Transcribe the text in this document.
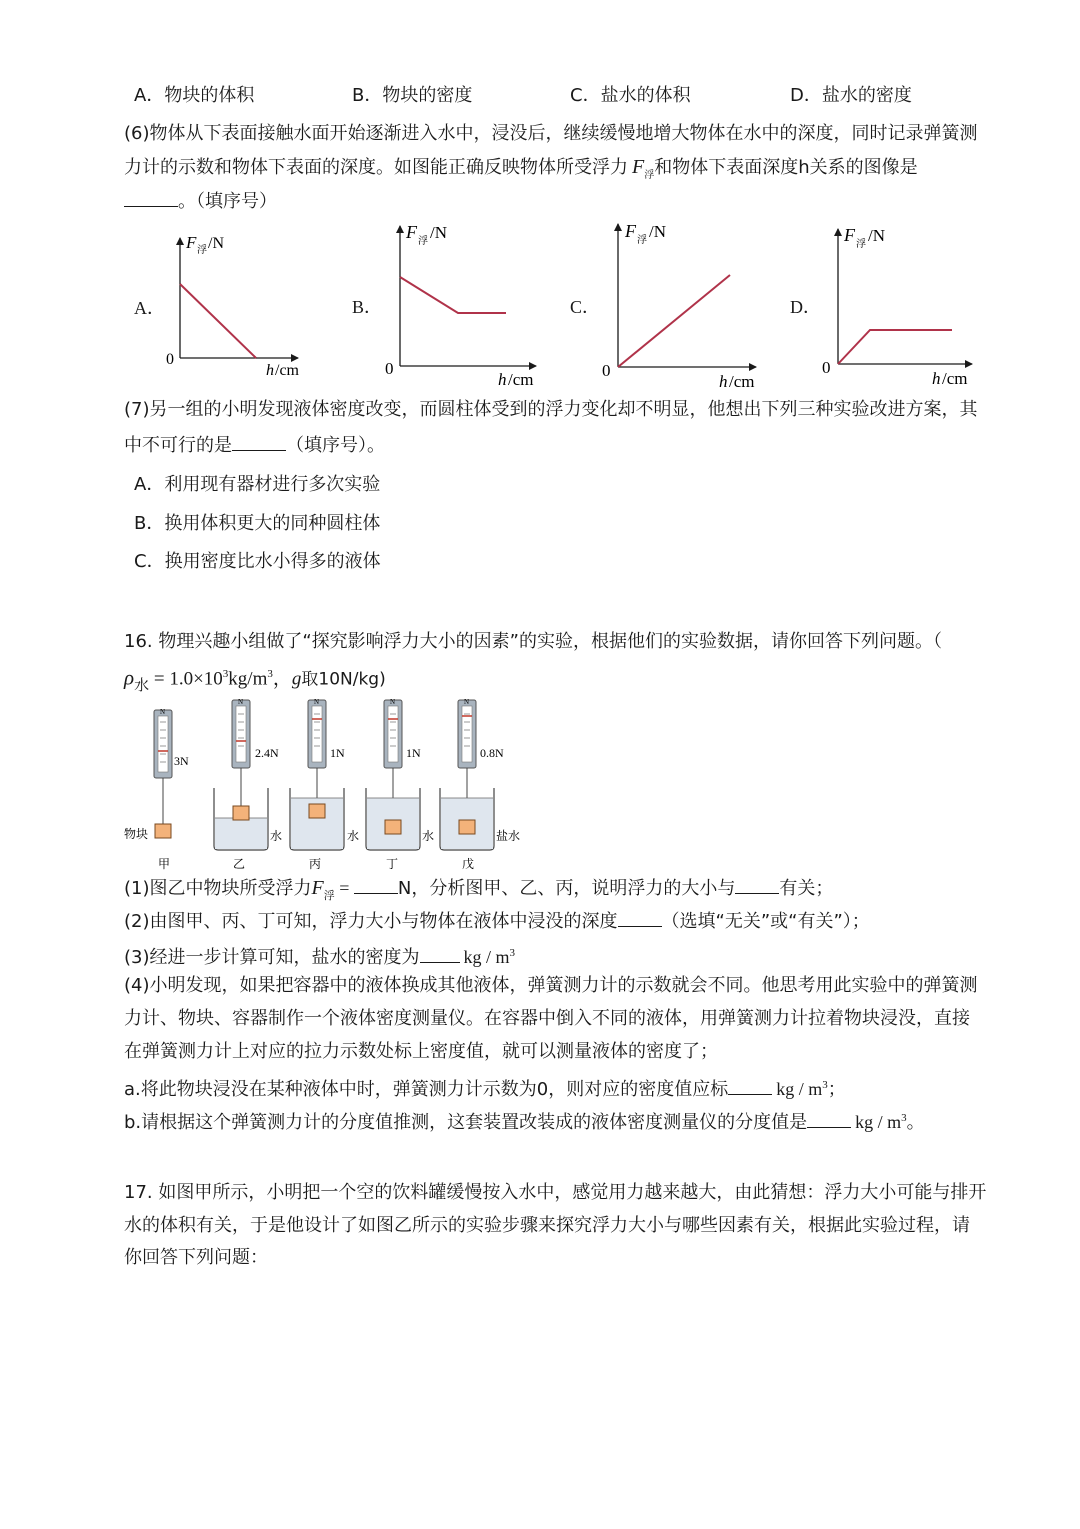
A．物块的体积	B．物块的密度	C．盐水的体积	D．盐水的密度
(6)物体从下表面接触水面开始逐渐进入水中，浸没后，继续缓慢地增大物体在水中的深度，同时记录弹簧测
力计的示数和物体下表面的深度。如图能正确反映物体所受浮力 $F_浮$和物体下表面深度h关系的图像是
。（填序号）
A．	B．	C．	D．
F 浮 /N
0
h /cm
F 浮 /N
0
h /cm
F 浮 /N
0
h /cm
F 浮 /N
0
h /cm
(7)另一组的小明发现液体密度改变，而圆柱体受到的浮力变化却不明显，他想出下列三种实验改进方案，其
中不可行的是	（填序号）。
A．利用现有器材进行多次实验
B．换用体积更大的同种圆柱体
C．换用密度比水小得多的液体
16. 物理兴趣小组做了“探究影响浮力大小的因素”的实验，根据他们的实验数据，请你回答下列问题。（
$\rho_水 = 1.0\times 10^3kg/m^3$，g取10N/kg)
3N
2.4N	1N	1N	0.8N
N
N	N	N	N
物块	水	水	水	盐水
甲	乙	丙	丁	戊
(1)图乙中物块所受浮力$F_浮 = N$，分析图甲、乙、丙，说明浮力的大小与 有关；
(2)由图甲、丙、丁可知，浮力大小与物体在液体中浸没的深度 （选填“无关”或“有关”）；
(3)经进一步计算可知，盐水的密度为 kg / $m^3$
(4)小明发现，如果把容器中的液体换成其他液体，弹簧测力计的示数就会不同。他思考用此实验中的弹簧测
力计、物块、容器制作一个液体密度测量仪。在容器中倒入不同的液体，用弹簧测力计拉着物块浸没，直接
在弹簧测力计上对应的拉力示数处标上密度值，就可以测量液体的密度了；
a.将此物块浸没在某种液体中时，弹簧测力计示数为0，则对应的密度值应标	kg / $m^3$；
b.请根据这个弹簧测力计的分度值推测，这套装置改装成的液体密度测量仪的分度值是	kg / $m^3$。
17. 如图甲所示，小明把一个空的饮料罐缓慢按入水中，感觉用力越来越大，由此猜想：浮力大小可能与排开
水的体积有关，于是他设计了如图乙所示的实验步骤来探究浮力大小与哪些因素有关，根据此实验过程，请
你回答下列问题：
